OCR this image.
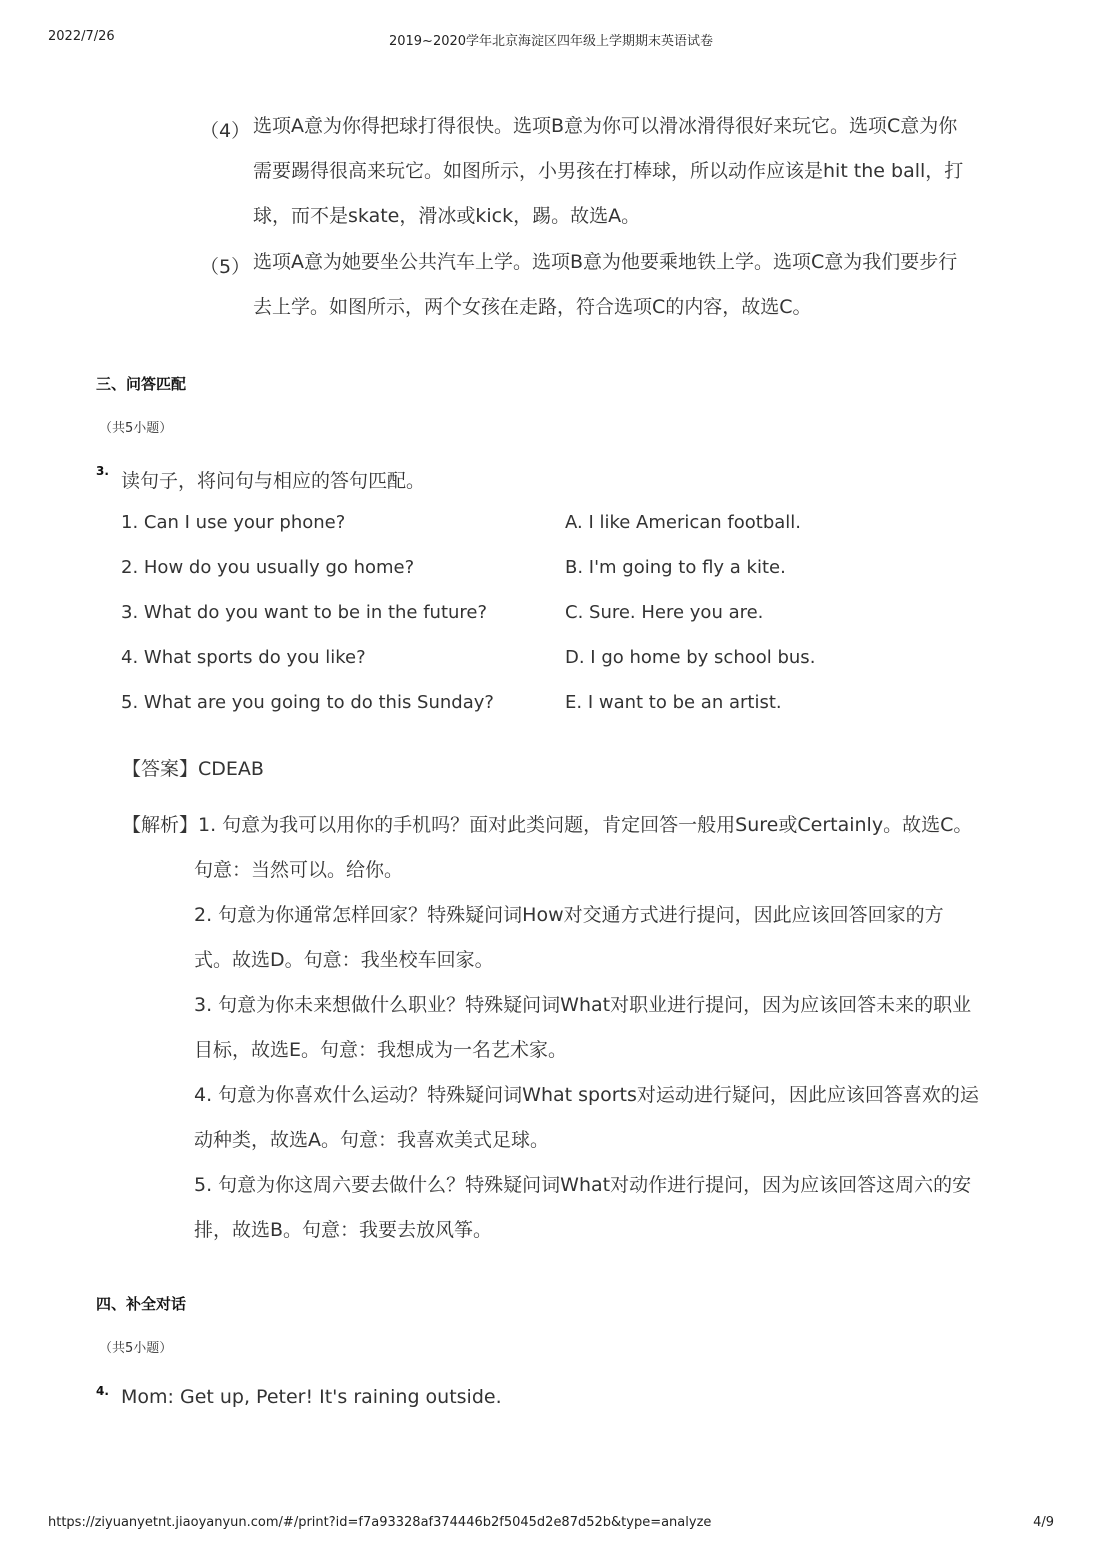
2022/7/26	2019~2020学年北京海淀区四年级上学期期末英语试卷
（4） 选项A意为你得把球打得很快。选项B意为你可以滑冰滑得很好来玩它。选项C意为你
需要踢得很高来玩它。如图所示，小男孩在打棒球，所以动作应该是hit the ball，打
球，而不是skate，滑冰或kick，踢。故选A。
（5） 选项A意为她要坐公共汽车上学。选项B意为他要乘地铁上学。选项C意为我们要步行
去上学。如图所示，两个女孩在走路，符合选项C的内容，故选C。
三、问答匹配
（共5小题）
3. 读句子，将问句与相应的答句匹配。
1. Can I use your phone?
2. How do you usually go home?
3. What do you want to be in the future?
4. What sports do you like?
5. What are you going to do this Sunday?
A. I like American football.
B. I'm going to fly a kite.
C. Sure. Here you are.
D. I go home by school bus.
E. I want to be an artist.
【答案】CDEAB
【解析】1. 句意为我可以用你的手机吗？面对此类问题，肯定回答一般用Sure或Certainly。故选C。
句意：当然可以。给你。
2. 句意为你通常怎样回家？特殊疑问词How对交通方式进行提问，因此应该回答回家的方
式。故选D。句意：我坐校车回家。
3. 句意为你未来想做什么职业？特殊疑问词What对职业进行提问，因为应该回答未来的职业
目标，故选E。句意：我想成为一名艺术家。
4. 句意为你喜欢什么运动？特殊疑问词What sports对运动进行疑问，因此应该回答喜欢的运
动种类，故选A。句意：我喜欢美式足球。
5. 句意为你这周六要去做什么？特殊疑问词What对动作进行提问，因为应该回答这周六的安
排，故选B。句意：我要去放风筝。
四、补全对话
（共5小题）
4. Mom: Get up, Peter! It's raining outside.
https://ziyuanyetnt.jiaoyanyun.com/#/print?id=f7a93328af374446b2f5045d2e87d52b&type=analyze	4/9
